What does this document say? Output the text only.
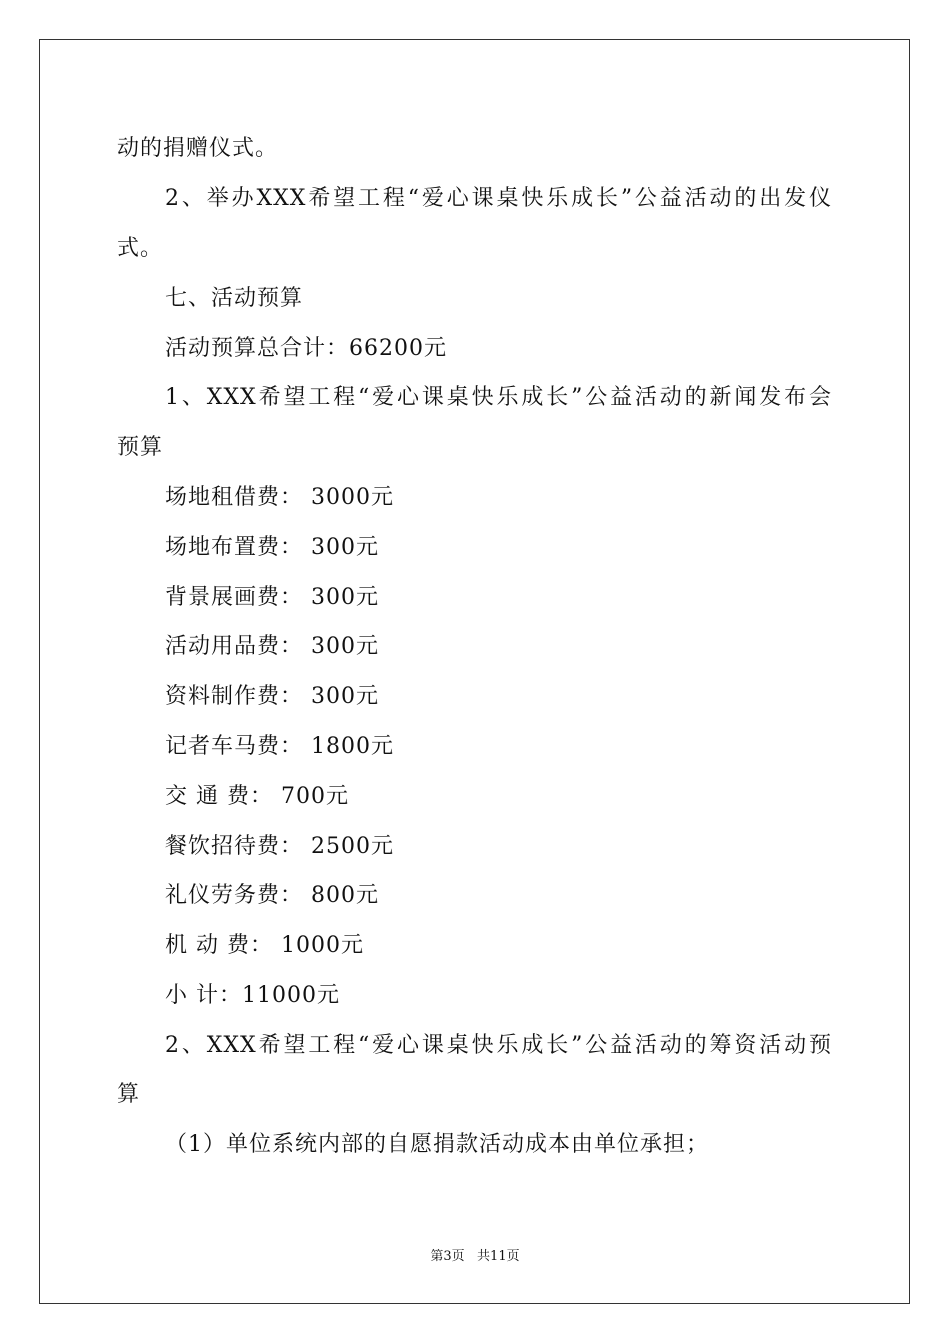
动的捐赠仪式。
2、举办XXX希望工程“爱心课桌快乐成长”公益活动的出发仪
式。
七、活动预算
活动预算总合计：66200元
1、XXX希望工程“爱心课桌快乐成长”公益活动的新闻发布会
预算
场地租借费： 3000元
场地布置费： 300元
背景展画费： 300元
活动用品费： 300元
资料制作费： 300元
记者车马费： 1800元
交 通 费： 700元
餐饮招待费： 2500元
礼仪劳务费： 800元
机 动 费： 1000元
小 计：11000元
2、XXX希望工程“爱心课桌快乐成长”公益活动的筹资活动预
算
（1）单位系统内部的自愿捐款活动成本由单位承担；
第3页   共11页
